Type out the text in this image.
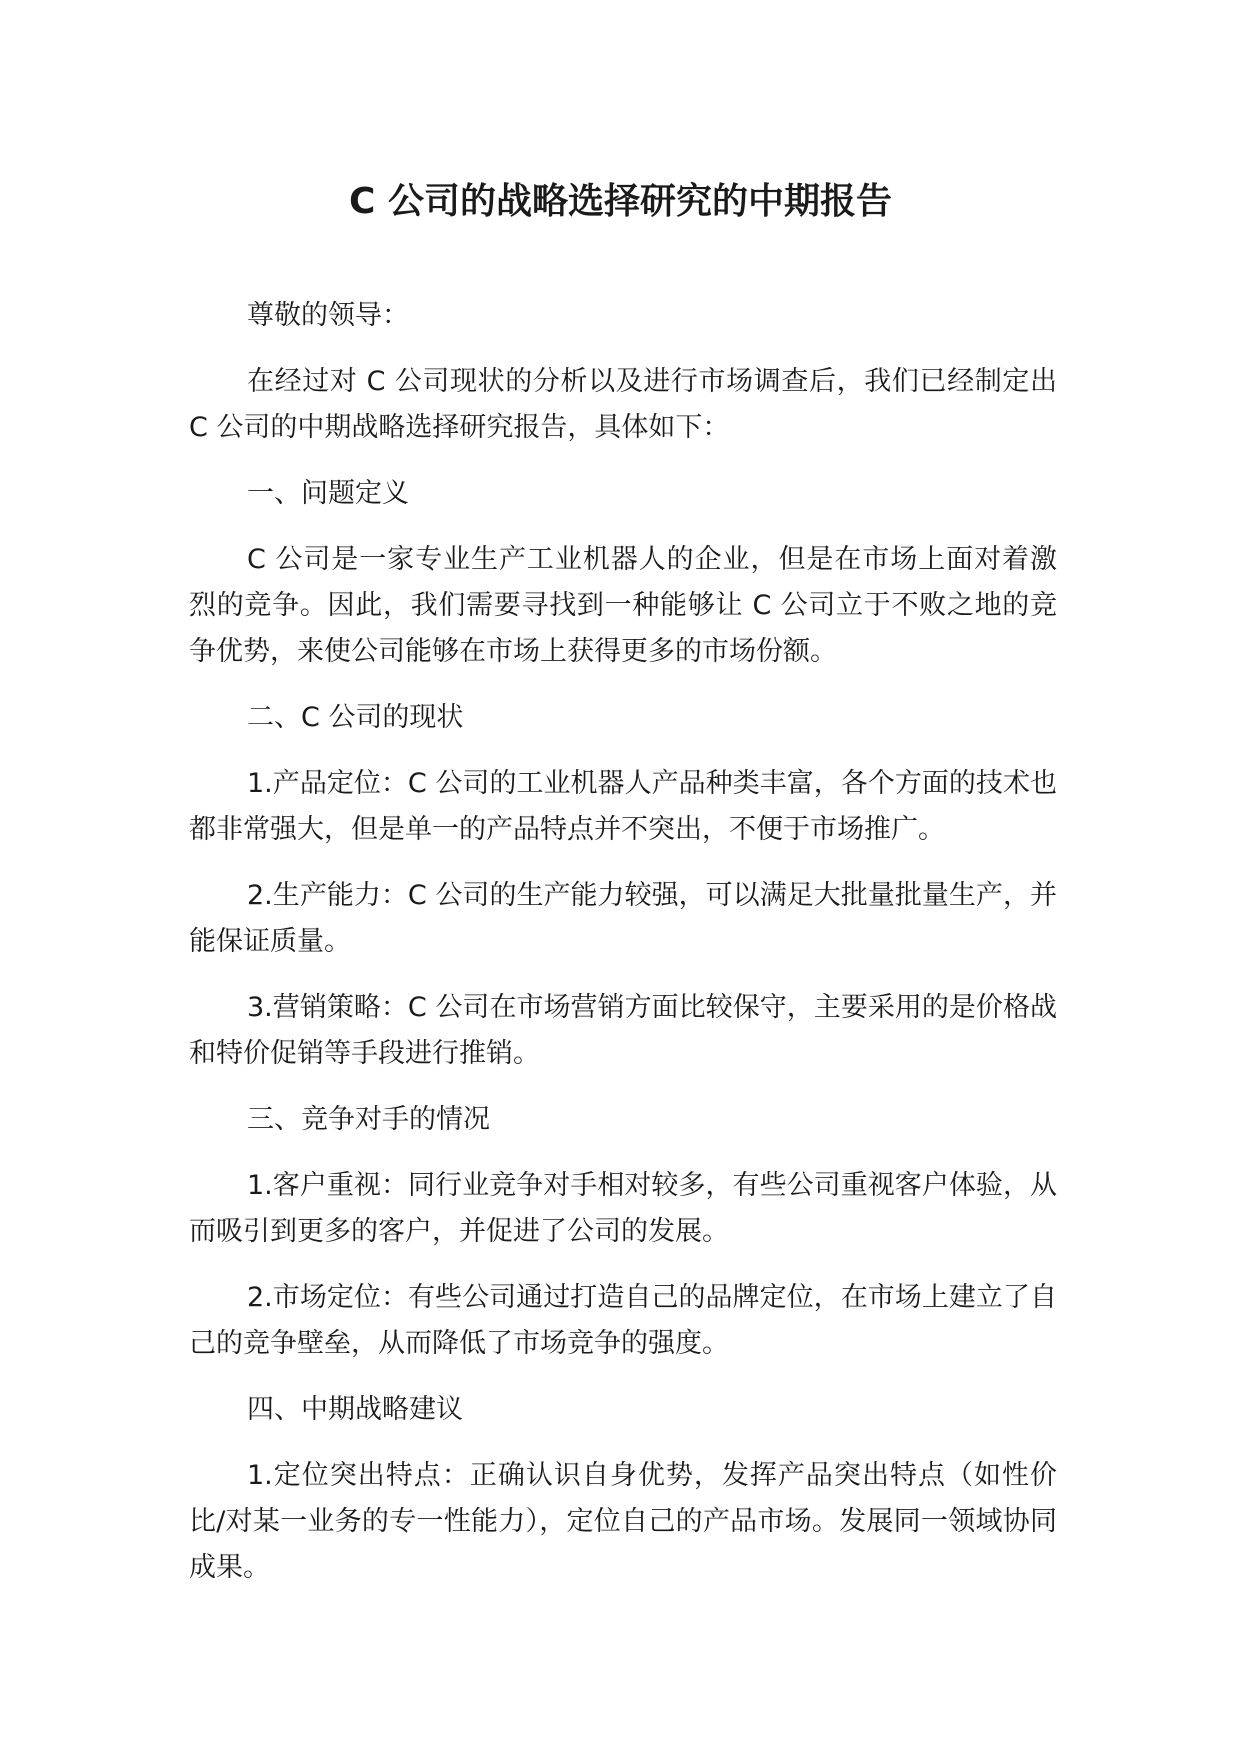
C 公司的战略选择研究的中期报告

尊敬的领导：

在经过对 C 公司现状的分析以及进行市场调查后，我们已经制定出 C 公司的中期战略选择研究报告，具体如下：

一、问题定义

C 公司是一家专业生产工业机器人的企业，但是在市场上面对着激烈的竞争。因此，我们需要寻找到一种能够让 C 公司立于不败之地的竞争优势，来使公司能够在市场上获得更多的市场份额。

二、C 公司的现状

1.产品定位：C 公司的工业机器人产品种类丰富，各个方面的技术也都非常强大，但是单一的产品特点并不突出，不便于市场推广。

2.生产能力：C 公司的生产能力较强，可以满足大批量批量生产，并能保证质量。

3.营销策略：C 公司在市场营销方面比较保守，主要采用的是价格战和特价促销等手段进行推销。

三、竞争对手的情况

1.客户重视：同行业竞争对手相对较多，有些公司重视客户体验，从而吸引到更多的客户，并促进了公司的发展。

2.市场定位：有些公司通过打造自己的品牌定位，在市场上建立了自己的竞争壁垒，从而降低了市场竞争的强度。

四、中期战略建议

1.定位突出特点：正确认识自身优势，发挥产品突出特点（如性价比/对某一业务的专一性能力），定位自己的产品市场。发展同一领域协同成果。
